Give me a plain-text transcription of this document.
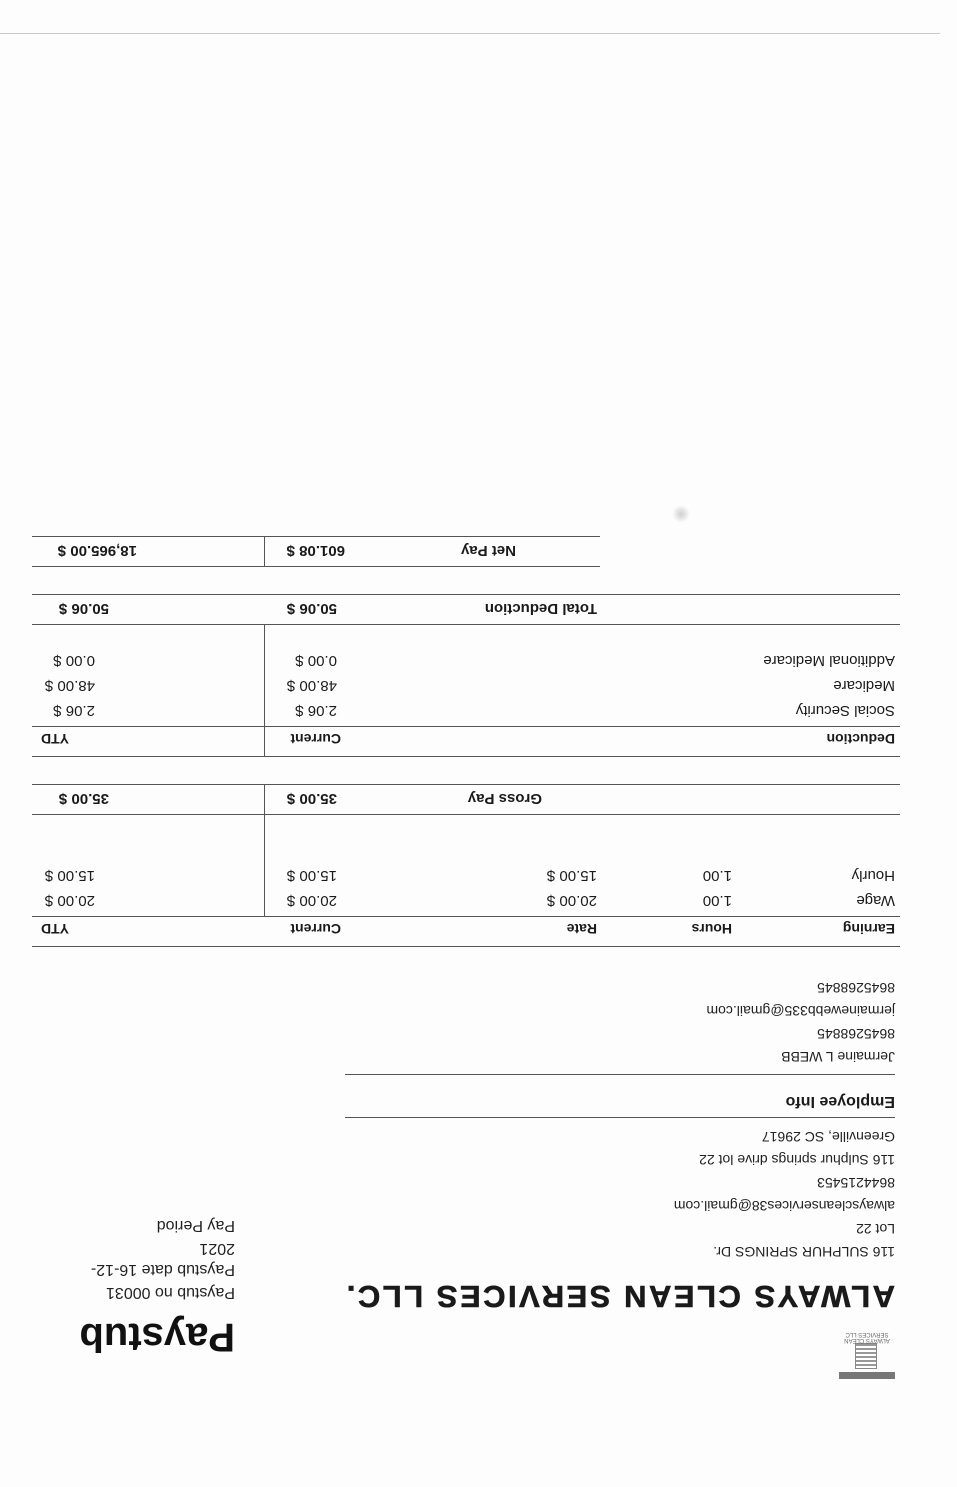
ALWAYS CLEAN SERVICES LLC
ALWAYS CLEAN SERVICES LLC.
116 SULPHUR SPRINGS Dr.
Lot 22
alwayscleanservices38@gmail.com
8644215453
116 Sulphur springs drive lot 22
Greenville, SC 29617
Paystub
Paystub no 00031
Paystub date 16-12-
2021
Pay Period
Employee Info
Jermaine L WEBB
8645268845
jermainewebb335@gmail.com
8645268845
Earning
Hours
Rate
Current
YTD
Wage
1.00
20.00 $
20.00 $
20.00 $
Hourly
1.00
15.00 $
15.00 $
15.00 $
Gross Pay
35.00 $
35.00 $
Deduction
Current
YTD
Social Security
2.06 $
2.06 $
Medicare
48.00 $
48.00 $
Additional Medicare
0.00 $
0.00 $
Total Deduction
50.06 $
50.06 $
Net Pay
601.08 $
18,965.00 $
